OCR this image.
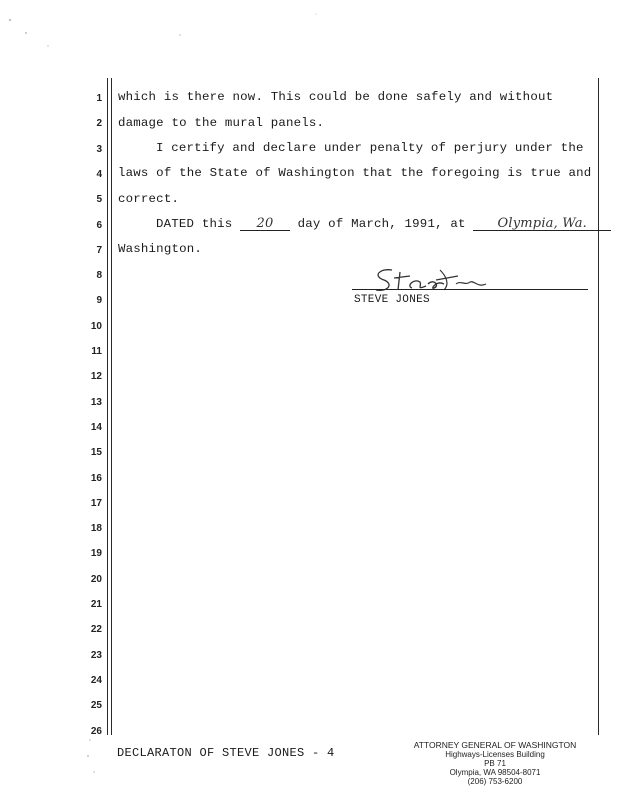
1
2
3
4
5
6
7
8
9
10
11
12
13
14
15
16
17
18
19
20
21
22
23
24
25
26
which is there now. This could be done safely and without
damage to the mural panels.
I certify and declare under penalty of perjury under the
laws of the State of Washington that the foregoing is true and
correct.
DATED this 20 day of March, 1991, at Olympia, Wa.
Washington.
STEVE JONES
DECLARATON OF STEVE JONES - 4
ATTORNEY GENERAL OF WASHINGTON
Highways-Licenses Building
PB 71
Olympia, WA 98504-8071
(206) 753-6200
